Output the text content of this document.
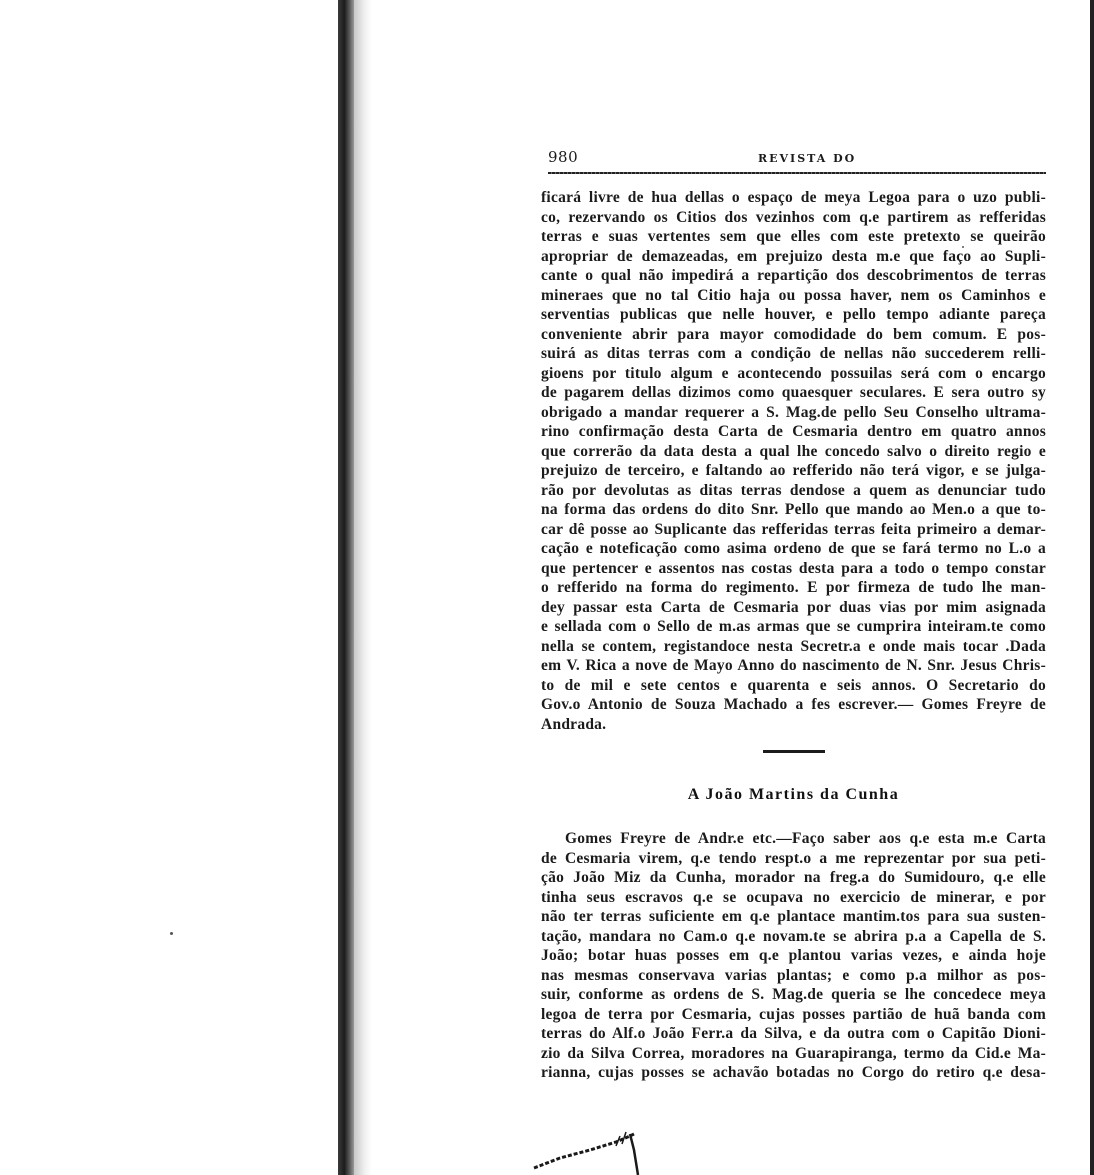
980	REVISTA DO
ficará livre de hua dellas o espaço de meya Legoa para o uzo publi-
co, rezervando os Citios dos vezinhos com q.e partirem as refferidas
terras e suas vertentes sem que elles com este pretexto se queirão
apropriar de demazeadas, em prejuizo desta m.e que faço ao Supli-
cante o qual não impedirá a repartição dos descobrimentos de terras
mineraes que no tal Citio haja ou possa haver, nem os Caminhos e
serventias publicas que nelle houver, e pello tempo adiante pareça
conveniente abrir para mayor comodidade do bem comum. E pos-
suirá as ditas terras com a condição de nellas não succederem relli-
gioens por titulo algum e acontecendo possuilas será com o encargo
de pagarem dellas dizimos como quaesquer seculares. E sera outro sy
obrigado a mandar requerer a S. Mag.de pello Seu Conselho ultrama-
rino confirmação desta Carta de Cesmaria dentro em quatro annos
que correrão da data desta a qual lhe concedo salvo o direito regio e
prejuizo de terceiro, e faltando ao refferido não terá vigor, e se julga-
rão por devolutas as ditas terras dendose a quem as denunciar tudo
na forma das ordens do dito Snr. Pello que mando ao Men.o a que to-
car dê posse ao Suplicante das refferidas terras feita primeiro a demar-
cação e noteficação como asima ordeno de que se fará termo no L.o a
que pertencer e assentos nas costas desta para a todo o tempo constar
o refferido na forma do regimento. E por firmeza de tudo lhe man-
dey passar esta Carta de Cesmaria por duas vias por mim asignada
e sellada com o Sello de m.as armas que se cumprira inteiram.te como
nella se contem, registandoce nesta Secretr.a e onde mais tocar .Dada
em V. Rica a nove de Mayo Anno do nascimento de N. Snr. Jesus Chris-
to de mil e sete centos e quarenta e seis annos. O Secretario do
Gov.o Antonio de Souza Machado a fes escrever.— Gomes Freyre de
Andrada.
A João Martins da Cunha
Gomes Freyre de Andr.e etc.—Faço saber aos q.e esta m.e Carta
de Cesmaria virem, q.e tendo respt.o a me reprezentar por sua peti-
ção João Miz da Cunha, morador na freg.a do Sumidouro, q.e elle
tinha seus escravos q.e se ocupava no exercicio de minerar, e por
não ter terras suficiente em q.e plantace mantim.tos para sua susten-
tação, mandara no Cam.o q.e novam.te se abrira p.a a Capella de S.
João; botar huas posses em q.e plantou varias vezes, e ainda hoje
nas mesmas conservava varias plantas; e como p.a milhor as pos-
suir, conforme as ordens de S. Mag.de queria se lhe concedece meya
legoa de terra por Cesmaria, cujas posses partião de huã banda com
terras do Alf.o João Ferr.a da Silva, e da outra com o Capitão Dioni-
zio da Silva Correa, moradores na Guarapiranga, termo da Cid.e Ma-
rianna, cujas posses se achavão botadas no Corgo do retiro q.e desa-
